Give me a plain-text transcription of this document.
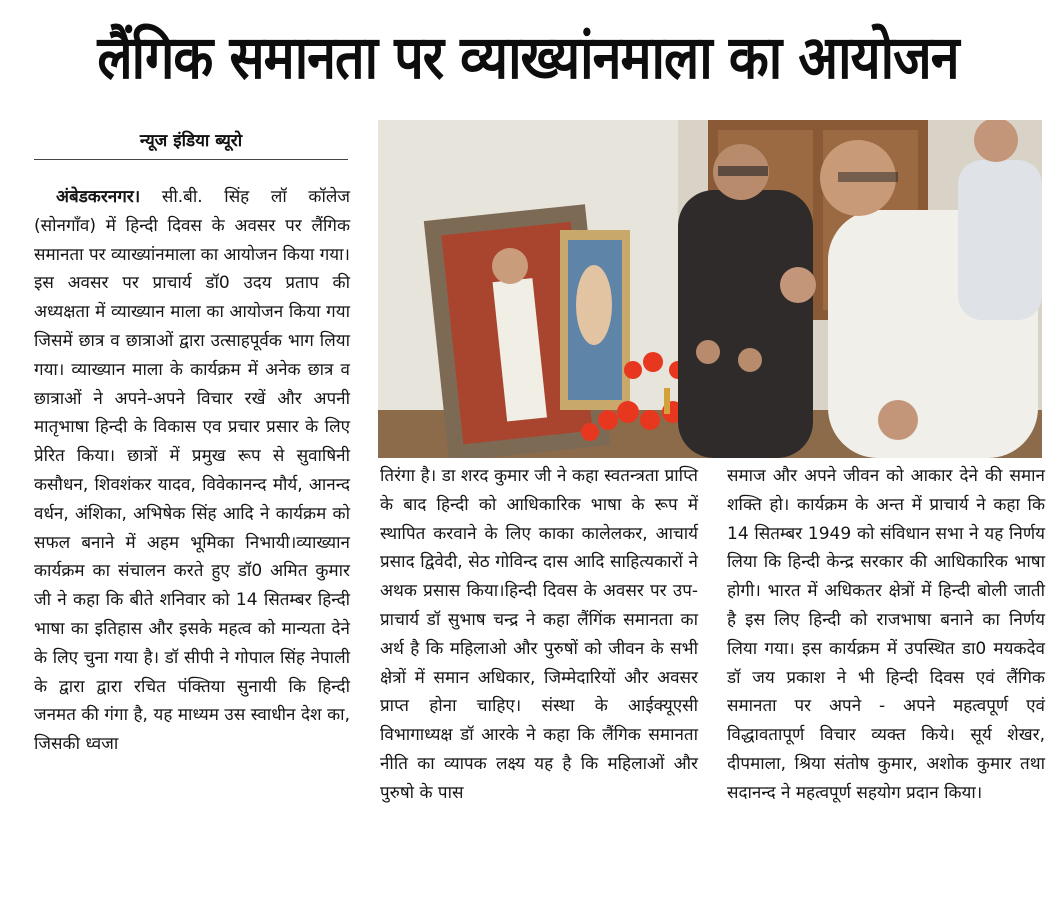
लैंगिक समानता पर व्याख्यांनमाला का आयोजन
न्यूज इंडिया ब्यूरो

अंबेडकरनगर। सी.बी. सिंह लॉ कॉलेज (सोनगाँव) में हिन्दी दिवस के अवसर पर लैंगिक समानता पर व्याख्यांनमाला का आयोजन किया गया। इस अवसर पर प्राचार्य डॉ0 उदय प्रताप की अध्यक्षता में व्याख्यान माला का आयोजन किया गया जिसमें छात्र व छात्राओं द्वारा उत्साहपूर्वक भाग लिया गया। व्याख्यान माला के कार्यक्रम में अनेक छात्र व छात्राओं ने अपने-अपने विचार रखें और अपनी मातृभाषा हिन्दी के विकास एव प्रचार प्रसार के लिए प्रेरित किया। छात्रों में प्रमुख रूप से सुवाषिनी कसौधन, शिवशंकर यादव, विवेकानन्द मौर्य, आनन्द वर्धन, अंशिका, अभिषेक सिंह आदि ने कार्यक्रम को सफल बनाने में अहम भूमिका निभायी।व्याख्यान कार्यक्रम का संचालन करते हुए डॉ0 अमित कुमार जी ने कहा कि बीते शनिवार को 14 सितम्बर हिन्दी भाषा का इतिहास और इसके महत्व को मान्यता देने के लिए चुना गया है। डॉ सीपी ने गोपाल सिंह नेपाली के द्वारा द्वारा रचित पंक्तिया सुनायी कि हिन्दी जनमत की गंगा है, यह माध्यम उस स्वाधीन देश का, जिसकी ध्वजा

तिरंगा है। डा शरद कुमार जी ने कहा स्वतन्त्रता प्राप्ति के बाद हिन्दी को आधिकारिक भाषा के रूप में स्थापित करवाने के लिए काका कालेलकर, आचार्य प्रसाद द्विवेदी, सेठ गोविन्द दास आदि साहित्यकारों ने अथक प्रसास किया।हिन्दी दिवस के अवसर पर उप-प्राचार्य डॉ सुभाष चन्द्र ने कहा लैंगिंक समानता का अर्थ है कि महिलाओ और पुरुषों को जीवन के सभी क्षेत्रों में समान अधिकार, जिम्मेदारियों और अवसर प्राप्त होना चाहिए। संस्था के आईक्यूएसी विभागाध्यक्ष डॉ आरके ने कहा कि लैंगिक समानता नीति का व्यापक लक्ष्य यह है कि महिलाओं और पुरुषो के पास

समाज और अपने जीवन को आकार देने की समान शक्ति हो। कार्यक्रम के अन्त में प्राचार्य ने कहा कि 14 सितम्बर 1949 को संविधान सभा ने यह निर्णय लिया कि हिन्दी केन्द्र सरकार की आधिकारिक भाषा होगी। भारत में अधिकतर क्षेत्रों में हिन्दी बोली जाती है इस लिए हिन्दी को राजभाषा बनाने का निर्णय लिया गया। इस कार्यक्रम में उपस्थित डा0 मयकदेव डॉ जय प्रकाश ने भी हिन्दी दिवस एवं लैंगिक समानता पर अपने - अपने महत्वपूर्ण एवं विद्धावतापूर्ण विचार व्यक्त किये। सूर्य शेखर, दीपमाला, श्रिया संतोष कुमार, अशोक कुमार तथा सदानन्द ने महत्वपूर्ण सहयोग प्रदान किया।
